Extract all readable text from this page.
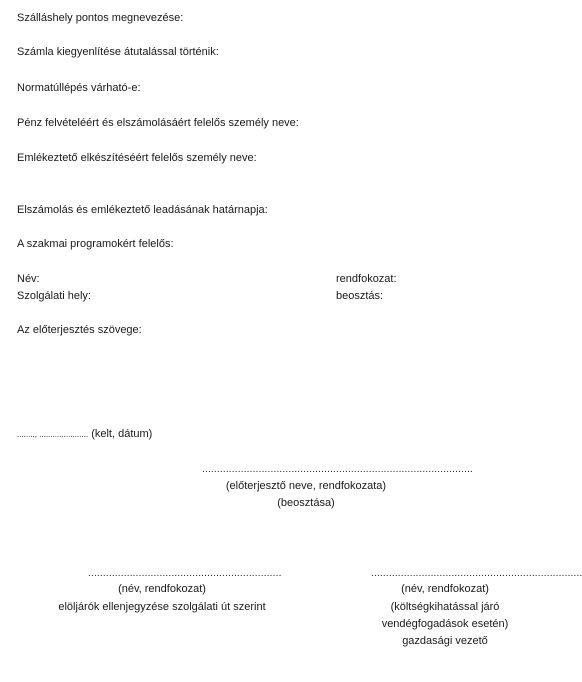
Szálláshely pontos megnevezése:
Számla kiegyenlítése átutalással történik:
Normatúllépés várható-e:
Pénz felvételéért és elszámolásáért felelős személy neve:
Emlékeztető elkészítéséért felelős személy neve:
Elszámolás és emlékeztető leadásának határnapja:
A szakmai programokért felelős:
Név:	rendfokozat:
Szolgálati hely:	beosztás:
Az előterjesztés szövege:
........, ...................... (kelt, dátum)
...........................................................................................
(előterjesztő neve, rendfokozata)
(beosztása)
.................................................................
(név, rendfokozat)
elöljárók ellenjegyzése szolgálati út szerint
.......................................................................
(név, rendfokozat)
(költségkihatással járó
vendégfogadások esetén)
gazdasági vezető
